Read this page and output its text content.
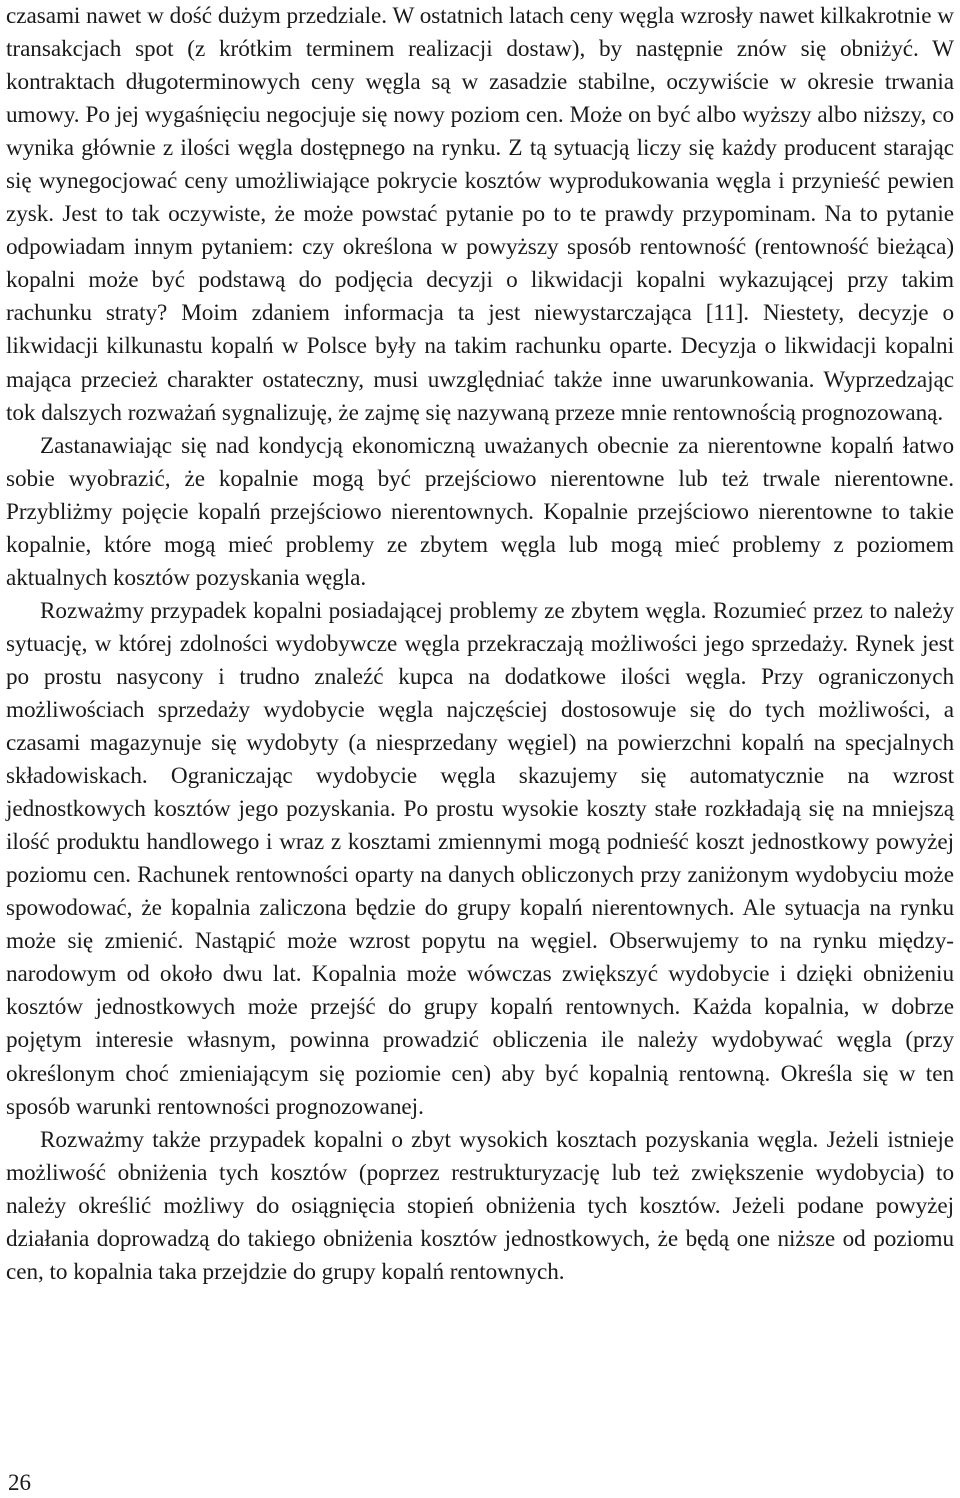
czasami nawet w dość dużym przedziale. W ostatnich latach ceny węgla wzrosły nawet kilkakrotnie w transakcjach spot (z krótkim terminem realizacji dostaw), by następnie znów się obniżyć. W kontraktach długoterminowych ceny węgla są w zasadzie stabilne, oczywiście w okresie trwania umowy. Po jej wygaśnięciu negocjuje się nowy poziom cen. Może on być albo wyższy albo niższy, co wynika głównie z ilości węgla dostępnego na rynku. Z tą sytuacją liczy się każdy producent starając się wynegocjować ceny umożliwiające pokrycie kosztów wyprodukowania węgla i przynieść pewien zysk. Jest to tak oczywiste, że może powstać pytanie po to te prawdy przypominam. Na to pytanie odpowiadam innym pytaniem: czy określona w powyższy sposób rentowność (rentowność bieżąca) kopalni może być podstawą do podjęcia decyzji o likwidacji kopalni wykazującej przy takim rachunku straty? Moim zdaniem informacja ta jest niewystarczająca [11]. Niestety, decyzje o likwidacji kilkunastu kopalń w Polsce były na takim rachunku oparte. Decyzja o likwidacji kopalni mająca przecież charakter ostateczny, musi uwzględniać także inne uwarunkowania. Wyprzedzając tok dalszych rozważań sygnalizuję, że zajmę się nazywaną przeze mnie rentownością prognozowaną.

Zastanawiając się nad kondycją ekonomiczną uważanych obecnie za nierentowne kopalń łatwo sobie wyobrazić, że kopalnie mogą być przejściowo nierentowne lub też trwale nierentowne. Przybliżmy pojęcie kopalń przejściowo nierentownych. Kopalnie przejściowo nierentowne to takie kopalnie, które mogą mieć problemy ze zbytem węgla lub mogą mieć problemy z poziomem aktualnych kosztów pozyskania węgla.

Rozważmy przypadek kopalni posiadającej problemy ze zbytem węgla. Rozumieć przez to należy sytuację, w której zdolności wydobywcze węgla przekraczają możliwości jego sprzedaży. Rynek jest po prostu nasycony i trudno znaleźć kupca na dodatkowe ilości węgla. Przy ograniczonych możliwościach sprzedaży wydobycie węgla najczęściej dostosowuje się do tych możliwości, a czasami magazynuje się wydobyty (a niesprzedany węgiel) na powierzchni kopalń na specjalnych składowiskach. Ograniczając wydobycie węgla skazujemy się automatycznie na wzrost jednostkowych kosztów jego pozyskania. Po prostu wysokie koszty stałe rozkładają się na mniejszą ilość produktu handlowego i wraz z kosztami zmiennymi mogą podnieść koszt jednostkowy powyżej poziomu cen. Rachunek rentowności oparty na danych obliczonych przy zaniżonym wydobyciu może spowodować, że kopalnia zaliczona będzie do grupy kopalń nierentownych. Ale sytuacja na rynku może się zmienić. Nastąpić może wzrost popytu na węgiel. Obserwujemy to na rynku międzynarodowym od około dwu lat. Kopalnia może wówczas zwiększyć wydobycie i dzięki obniżeniu kosztów jednostkowych może przejść do grupy kopalń rentownych. Każda kopalnia, w dobrze pojętym interesie własnym, powinna prowadzić obliczenia ile należy wydobywać węgla (przy określonym choć zmieniającym się poziomie cen) aby być kopalnią rentowną. Określa się w ten sposób warunki rentowności prognozowanej.

Rozważmy także przypadek kopalni o zbyt wysokich kosztach pozyskania węgla. Jeżeli istnieje możliwość obniżenia tych kosztów (poprzez restrukturyzację lub też zwiększenie wydobycia) to należy określić możliwy do osiągnięcia stopień obniżenia tych kosztów. Jeżeli podane powyżej działania doprowadzą do takiego obniżenia kosztów jednostkowych, że będą one niższe od poziomu cen, to kopalnia taka przejdzie do grupy kopalń rentownych.

26
